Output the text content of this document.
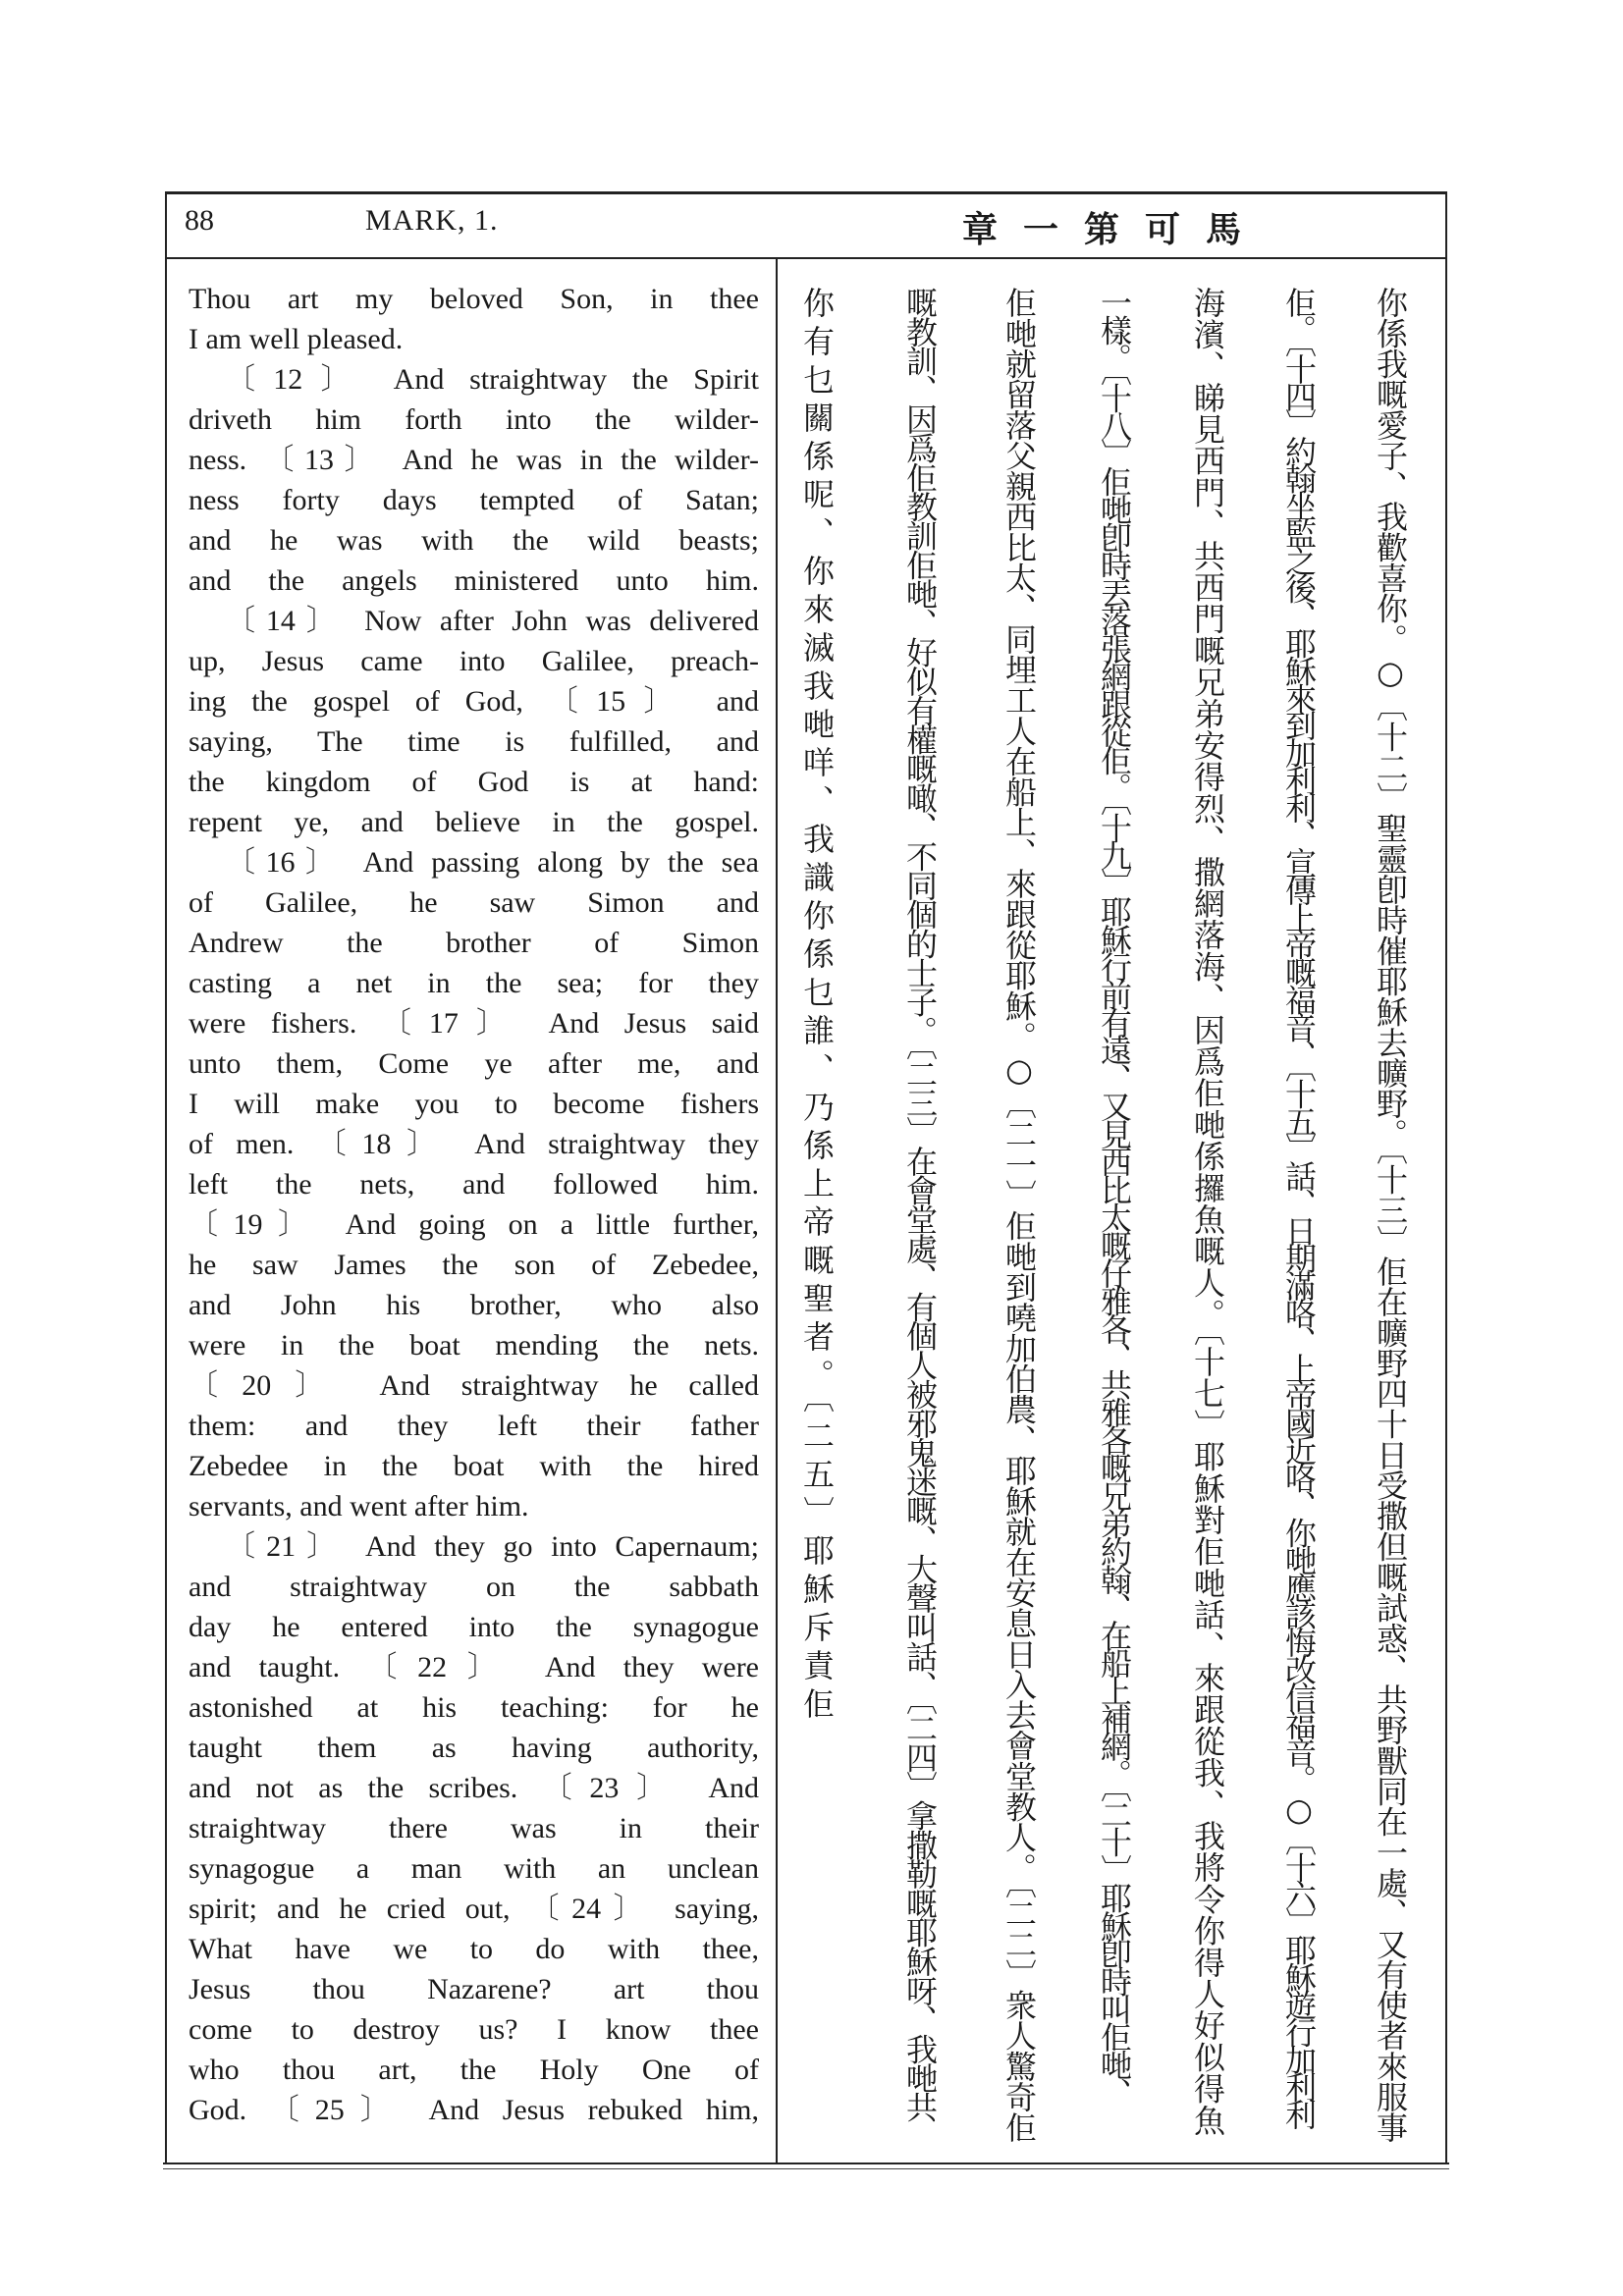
88	MARK, 1.	章一第可馬
Thou art my beloved Son, in thee
I am well pleased.
〔12〕 And straightway the Spirit
driveth him forth into the wilder-
ness. 〔13〕 And he was in the wilder-
ness forty days tempted of Satan;
and he was with the wild beasts;
and the angels ministered unto him.
〔14〕 Now after John was delivered
up, Jesus came into Galilee, preach-
ing the gospel of God, 〔15〕 and
saying, The time is fulfilled, and
the kingdom of God is at hand:
repent ye, and believe in the gospel.
〔16〕 And passing along by the sea
of Galilee, he saw Simon and
Andrew the brother of Simon
casting a net in the sea; for they
were fishers. 〔17〕 And Jesus said
unto them, Come ye after me, and
I will make you to become fishers
of men. 〔18〕 And straightway they
left the nets, and followed him.
〔19〕 And going on a little further,
he saw James the son of Zebedee,
and John his brother, who also
were in the boat mending the nets.
〔20〕 And straightway he called
them: and they left their father
Zebedee in the boat with the hired
servants, and went after him.
〔21〕 And they go into Capernaum;
and straightway on the sabbath
day he entered into the synagogue
and taught. 〔22〕 And they were
astonished at his teaching: for he
taught them as having authority,
and not as the scribes. 〔23〕 And
straightway there was in their
synagogue a man with an unclean
spirit; and he cried out, 〔24〕 saying,
What have we to do with thee,
Jesus thou Nazarene? art thou
come to destroy us? I know thee
who thou art, the Holy One of
God. 〔25〕 And Jesus rebuked him,	你係我嘅愛子、我歡喜你。○〔十二〕聖靈卽時催耶穌去曠野。〔十三〕佢在曠野四十日受撒但嘅試惑、共野獸同在一處、又有使者來服事
佢。〔十四〕約翰坐監之後、耶穌來到加利利、宣傳上帝嘅福音、〔十五〕話、日期滿咯、上帝國近咯、你哋應該悔改信福音。○〔十六〕耶穌遊行加利利
海濱、睇見西門、共西門嘅兄弟安得烈、撒網落海、因爲佢哋係攞魚嘅人。〔十七〕耶穌對佢哋話、來跟從我、我將令你得人好似得魚
一樣。〔十八〕佢哋卽時丟落張網跟從佢。〔十九〕耶穌行前有遠、又見西比太嘅仔雅各、共雅各嘅兄弟約翰、在船上補網。〔二十〕耶穌卽時叫佢哋、
佢哋就留落父親西比太、同埋工人在船上、來跟從耶穌。○〔二一〕佢哋到嘵加伯農、耶穌就在安息日入去會堂教人。〔二二〕衆人驚奇佢
嘅教訓、因爲佢教訓佢哋、好似有權嘅噉、不同個的士子。〔二三〕在會堂處、有個人被邪鬼迷嘅、大聲叫話、〔二四〕拿撒勒嘅耶穌呀、我哋共
你有乜關係呢、你來滅我哋咩、我識你係乜誰、乃係上帝嘅聖者。〔二五〕耶穌斥責佢
